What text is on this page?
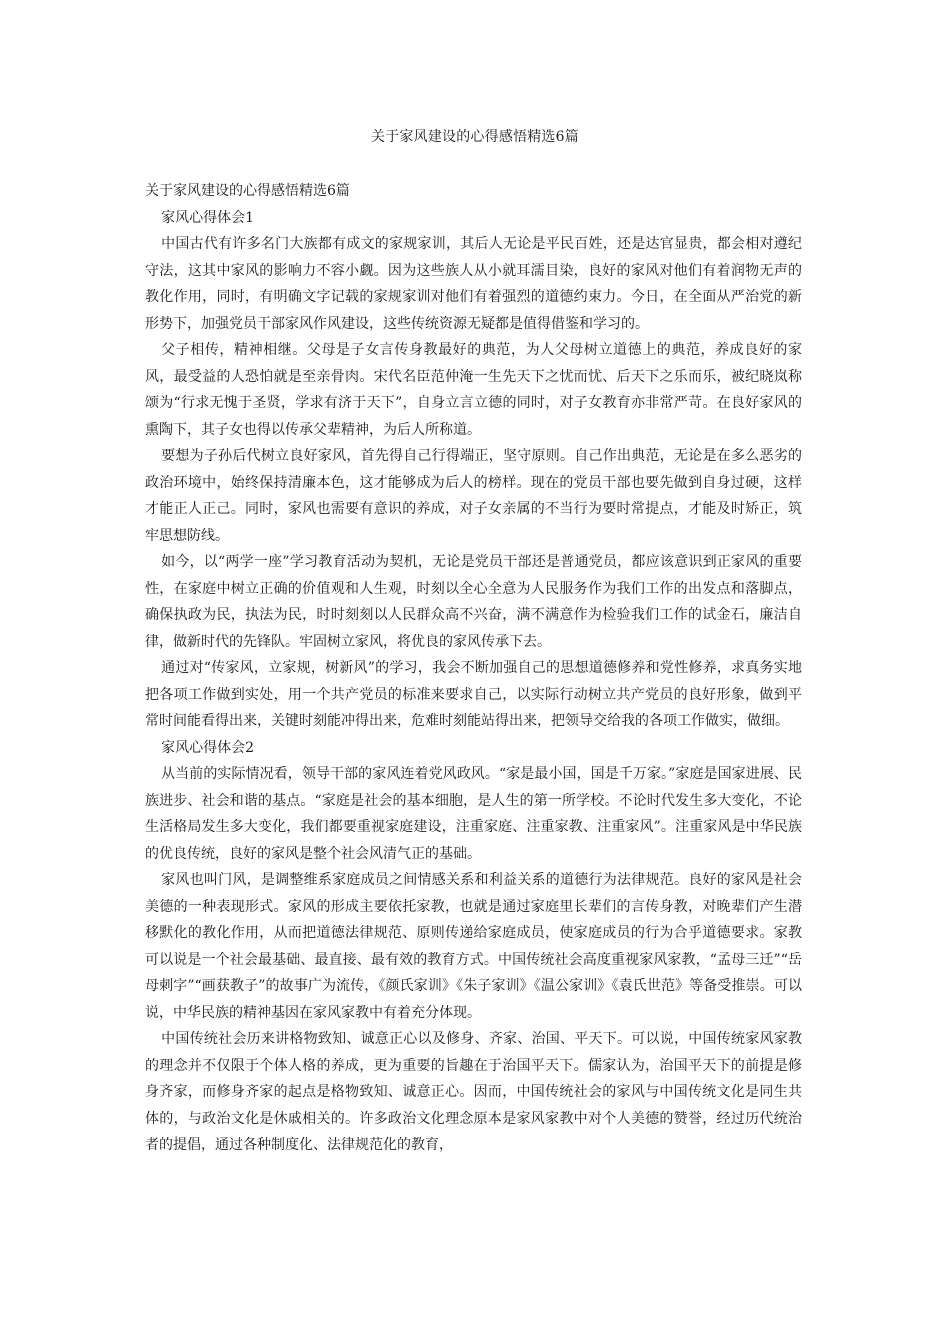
关于家风建设的心得感悟精选6篇

关于家风建设的心得感悟精选6篇

家风心得体会1

中国古代有许多名门大族都有成文的家规家训，其后人无论是平民百姓，还是达官显贵，都会相对遵纪守法，这其中家风的影响力不容小觑。因为这些族人从小就耳濡目染，良好的家风对他们有着润物无声的教化作用，同时，有明确文字记载的家规家训对他们有着强烈的道德约束力。今日，在全面从严治党的新形势下，加强党员干部家风作风建设，这些传统资源无疑都是值得借鉴和学习的。

父子相传，精神相继。父母是子女言传身教最好的典范，为人父母树立道德上的典范，养成良好的家风，最受益的人恐怕就是至亲骨肉。宋代名臣范仲淹一生先天下之忧而忧、后天下之乐而乐，被纪晓岚称颂为“行求无愧于圣贤，学求有济于天下”，自身立言立德的同时，对子女教育亦非常严苛。在良好家风的熏陶下，其子女也得以传承父辈精神，为后人所称道。

要想为子孙后代树立良好家风，首先得自己行得端正，坚守原则。自己作出典范，无论是在多么恶劣的政治环境中，始终保持清廉本色，这才能够成为后人的榜样。现在的党员干部也要先做到自身过硬，这样才能正人正己。同时，家风也需要有意识的养成，对子女亲属的不当行为要时常提点，才能及时矫正，筑牢思想防线。

如今，以“两学一座”学习教育活动为契机，无论是党员干部还是普通党员，都应该意识到正家风的重要性，在家庭中树立正确的价值观和人生观，时刻以全心全意为人民服务作为我们工作的出发点和落脚点，确保执政为民，执法为民，时时刻刻以人民群众高不兴奋，满不满意作为检验我们工作的试金石，廉洁自律，做新时代的先锋队。牢固树立家风，将优良的家风传承下去。

通过对“传家风，立家规，树新风”的学习，我会不断加强自己的思想道德修养和党性修养，求真务实地把各项工作做到实处，用一个共产党员的标准来要求自己，以实际行动树立共产党员的良好形象，做到平常时间能看得出来，关键时刻能冲得出来，危难时刻能站得出来，把领导交给我的各项工作做实，做细。

家风心得体会2

从当前的实际情况看，领导干部的家风连着党风政风。“家是最小国，国是千万家。”家庭是国家进展、民族进步、社会和谐的基点。“家庭是社会的基本细胞，是人生的第一所学校。不论时代发生多大变化，不论生活格局发生多大变化，我们都要重视家庭建设，注重家庭、注重家教、注重家风”。注重家风是中华民族的优良传统，良好的家风是整个社会风清气正的基础。

家风也叫门风，是调整维系家庭成员之间情感关系和利益关系的道德行为法律规范。良好的家风是社会美德的一种表现形式。家风的形成主要依托家教，也就是通过家庭里长辈们的言传身教，对晚辈们产生潜移默化的教化作用，从而把道德法律规范、原则传递给家庭成员，使家庭成员的行为合乎道德要求。家教可以说是一个社会最基础、最直接、最有效的教育方式。中国传统社会高度重视家风家教，“孟母三迁”“岳母刺字”“画获教子”的故事广为流传，《颜氏家训》《朱子家训》《温公家训》《袁氏世范》等备受推崇。可以说，中华民族的精神基因在家风家教中有着充分体现。

中国传统社会历来讲格物致知、诚意正心以及修身、齐家、治国、平天下。可以说，中国传统家风家教的理念并不仅限于个体人格的养成，更为重要的旨趣在于治国平天下。儒家认为，治国平天下的前提是修身齐家，而修身齐家的起点是格物致知、诚意正心。因而，中国传统社会的家风与中国传统文化是同生共体的，与政治文化是休戚相关的。许多政治文化理念原本是家风家教中对个人美德的赞誉，经过历代统治者的提倡，通过各种制度化、法律规范化的教育，
